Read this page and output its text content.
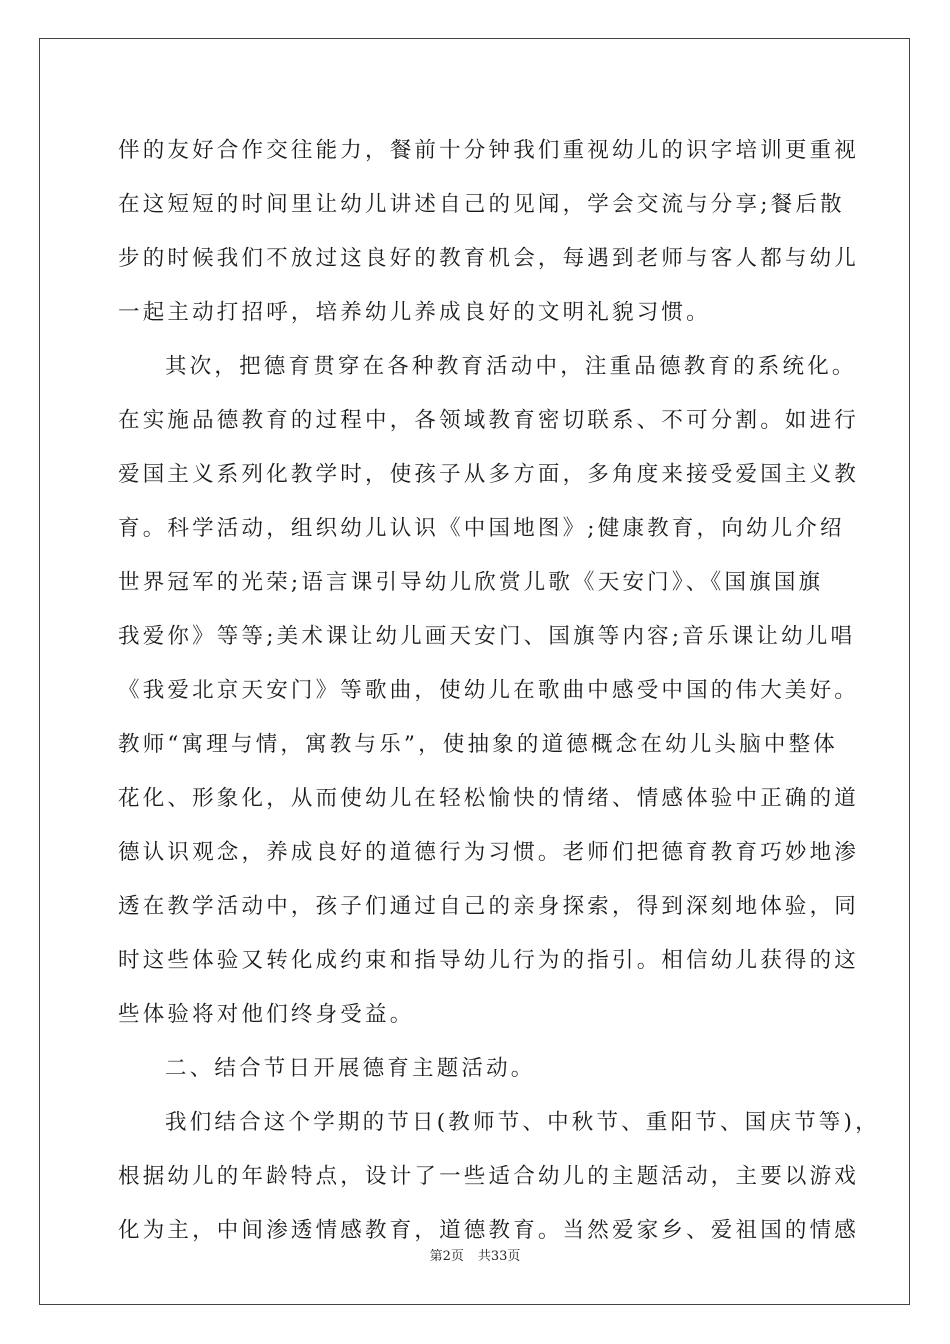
伴的友好合作交往能力，餐前十分钟我们重视幼儿的识字培训更重视
在这短短的时间里让幼儿讲述自己的见闻，学会交流与分享;餐后散
步的时候我们不放过这良好的教育机会，每遇到老师与客人都与幼儿
一起主动打招呼，培养幼儿养成良好的文明礼貌习惯。
其次，把德育贯穿在各种教育活动中，注重品德教育的系统化。
在实施品德教育的过程中，各领域教育密切联系、不可分割。如进行
爱国主义系列化教学时，使孩子从多方面，多角度来接受爱国主义教
育。科学活动，组织幼儿认识《中国地图》;健康教育，向幼儿介绍
世界冠军的光荣;语言课引导幼儿欣赏儿歌《天安门》、《国旗国旗
我爱你》等等;美术课让幼儿画天安门、国旗等内容;音乐课让幼儿唱
《我爱北京天安门》等歌曲，使幼儿在歌曲中感受中国的伟大美好。
教师“寓理与情，寓教与乐”，使抽象的道德概念在幼儿头脑中整体
花化、形象化，从而使幼儿在轻松愉快的情绪、情感体验中正确的道
德认识观念，养成良好的道德行为习惯。老师们把德育教育巧妙地渗
透在教学活动中，孩子们通过自己的亲身探索，得到深刻地体验，同
时这些体验又转化成约束和指导幼儿行为的指引。相信幼儿获得的这
些体验将对他们终身受益。
二、结合节日开展德育主题活动。
我们结合这个学期的节日(教师节、中秋节、重阳节、国庆节等)，
根据幼儿的年龄特点，设计了一些适合幼儿的主题活动，主要以游戏
化为主，中间渗透情感教育，道德教育。当然爱家乡、爱祖国的情感
第2页 共33页
